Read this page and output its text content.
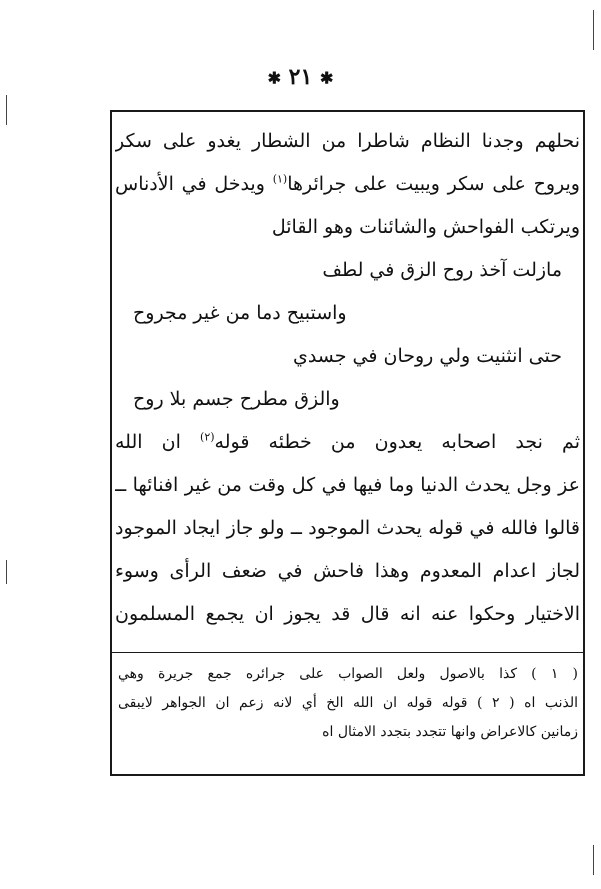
✱ ٢١ ✱
نحلهم وجدنا النظام شاطرا من الشطار يغدو على سكر
ويروح على سكر ويبيت على جرائرها$^{(١)}$ ويدخل في الأدناس
ويرتكب الفواحش والشائنات وهو القائل
مازلت آخذ روح الزق في لطف
واستبيح دما من غير مجروح
حتى انثنيت ولي روحان في جسدي
والزق مطرح جسم بلا روح
ثم نجد اصحابه يعدون من خطئه قوله$^{(٢)}$ ان الله
عز وجل يحدث الدنيا وما فيها في كل وقت من غير افنائها ــ
قالوا فالله في قوله يحدث الموجود ــ ولو جاز ايجاد الموجود
لجاز اعدام المعدوم وهذا فاحش في ضعف الرأى وسوء
الاختيار وحكوا عنه انه قال قد يجوز ان يجمع المسلمون
( ١ ) كذا بالاصول ولعل الصواب على جرائره جمع جريرة وهي
الذنب اه ( ٢ ) قوله قوله ان الله الخ أي لانه زعم ان الجواهر لايبقى
زمانين كالاعراض وانها تتجدد بتجدد الامثال اه
